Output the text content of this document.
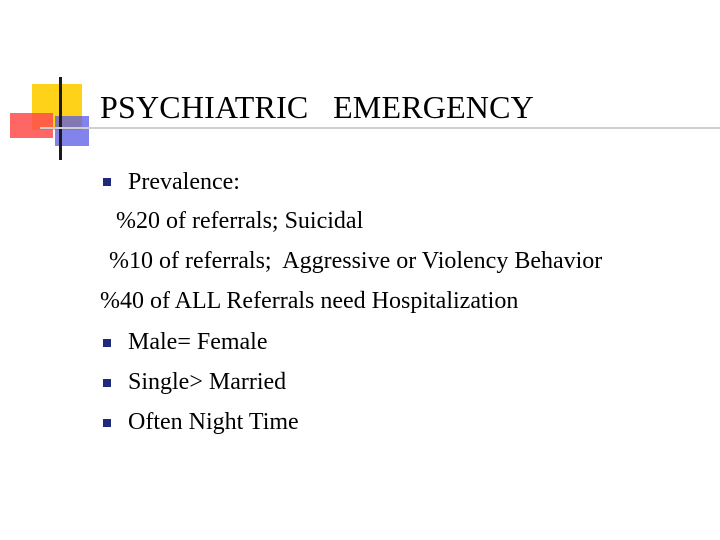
PSYCHIATRIC   EMERGENCY
Prevalence:
%20 of referrals; Suicidal
%10 of referrals;  Aggressive or Violency Behavior
%40 of ALL Referrals need Hospitalization
Male= Female
Single> Married
Often Night Time
